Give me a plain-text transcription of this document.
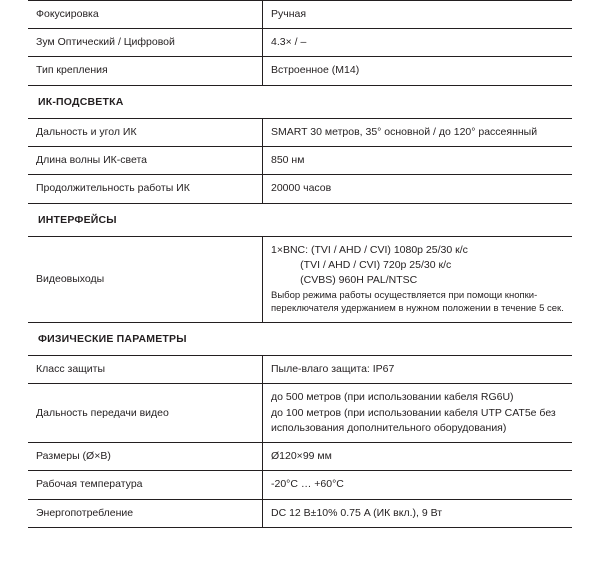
Фокусировка	Ручная
Зум Оптический / Цифровой	4.3× / –
Тип крепления	Встроенное (М14)
ИК-ПОДСВЕТКА	
Дальность и угол ИК	SMART 30 метров, 35° основной / до 120° рассеянный
Длина волны ИК-света	850 нм
Продолжительность работы ИК	20000 часов
ИНТЕРФЕЙСЫ	
Видеовыходы	1×BNC: (TVI / AHD / CVI) 1080p 25/30 к/с
(TVI / AHD / CVI) 720p 25/30 к/с
(CVBS) 960H PAL/NTSC
Выбор режима работы осуществляется при помощи кнопки-переключателя удержанием в нужном положении в течение 5 сек.

ФИЗИЧЕСКИЕ ПАРАМЕТРЫ	
Класс защиты	Пыле-влаго защита: IP67
Дальность передачи видео	до 500 метров (при использовании кабеля RG6U)
до 100 метров (при использовании кабеля UTP CAT5e без
использования дополнительного оборудования)

Размеры (Ø×В)	Ø120×99 мм
Рабочая температура	-20°C … +60°C
Энергопотребление	DC 12 В±10% 0.75 A (ИК вкл.), 9 Вт
